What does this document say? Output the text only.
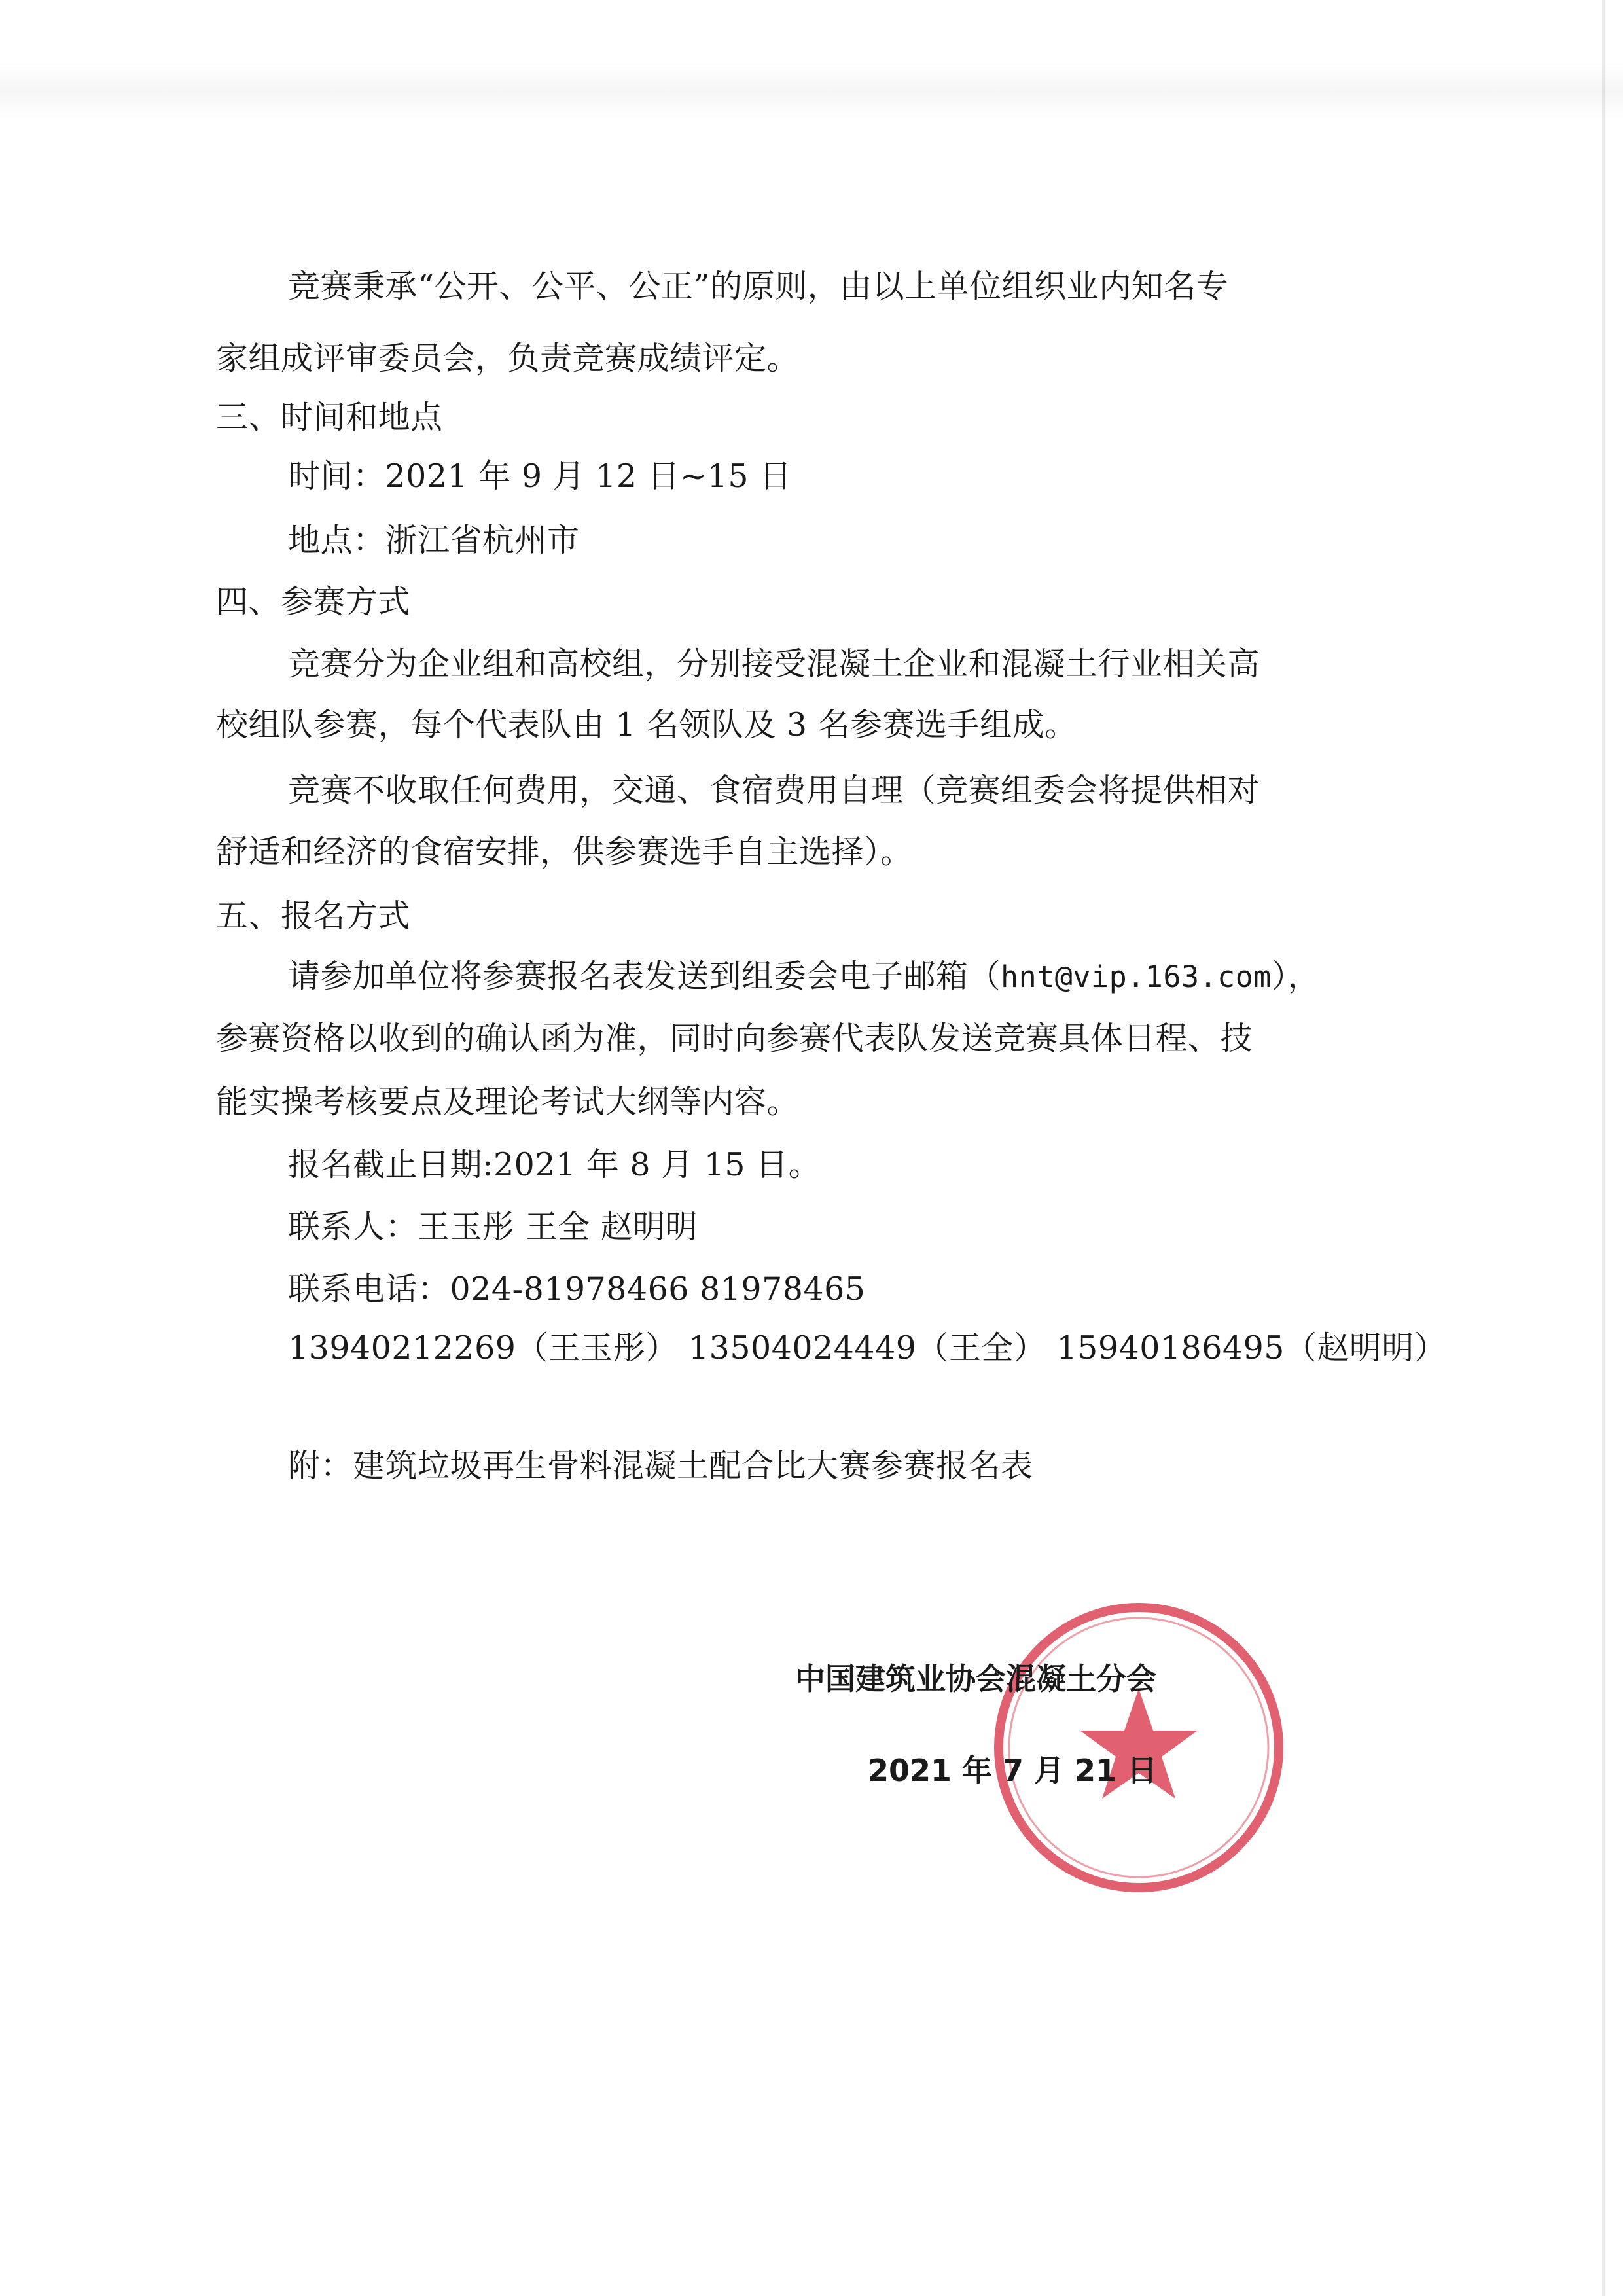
竞赛秉承“公开、公平、公正”的原则，由以上单位组织业内知名专
家组成评审委员会，负责竞赛成绩评定。
三、时间和地点
时间：2021 年 9 月 12 日~15 日
地点：浙江省杭州市
四、参赛方式
竞赛分为企业组和高校组，分别接受混凝土企业和混凝土行业相关高
校组队参赛，每个代表队由 1 名领队及 3 名参赛选手组成。
竞赛不收取任何费用，交通、食宿费用自理（竞赛组委会将提供相对
舒适和经济的食宿安排，供参赛选手自主选择）。
五、报名方式
请参加单位将参赛报名表发送到组委会电子邮箱（hnt@vip.163.com），
参赛资格以收到的确认函为准，同时向参赛代表队发送竞赛具体日程、技
能实操考核要点及理论考试大纲等内容。
报名截止日期:2021 年 8 月 15 日。
联系人：王玉彤 王全 赵明明
联系电话：024-81978466 81978465
13940212269（王玉彤） 13504024449（王全） 15940186495（赵明明）
附：建筑垃圾再生骨料混凝土配合比大赛参赛报名表
中国建筑业协会混凝土分会
2021 年 7 月 21 日
